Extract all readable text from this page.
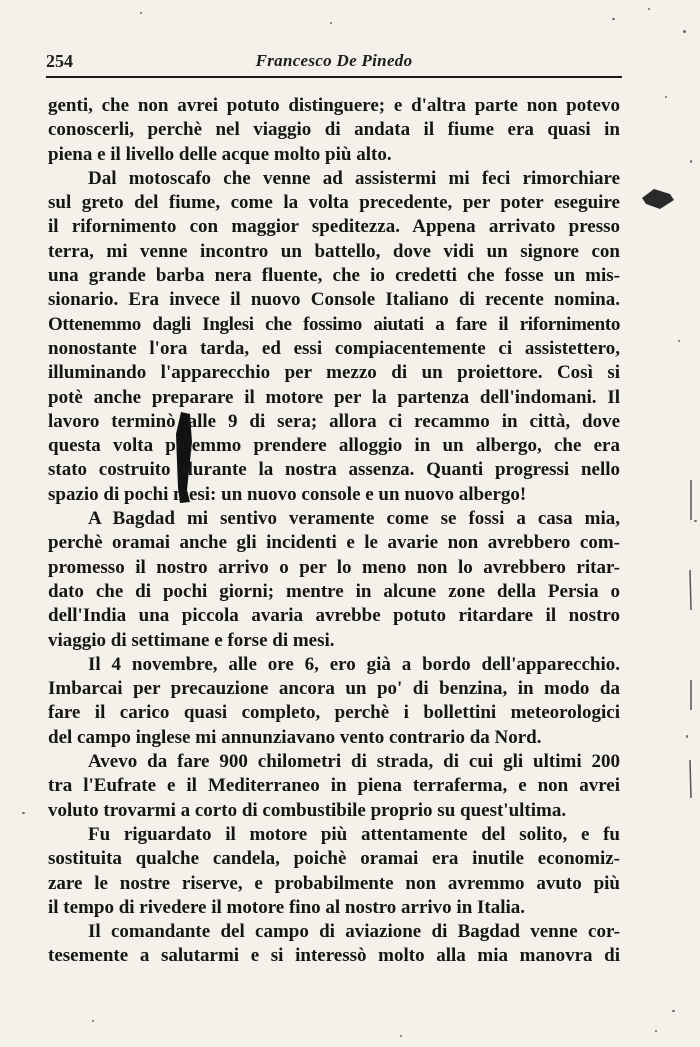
254	Francesco De Pinedo
genti, che non avrei potuto distinguere; e d'altra parte non potevo
conoscerli, perchè nel viaggio di andata il fiume era quasi in
piena e il livello delle acque molto più alto.
Dal motoscafo che venne ad assistermi mi feci rimorchiare
sul greto del fiume, come la volta precedente, per poter eseguire
il rifornimento con maggior speditezza. Appena arrivato presso
terra, mi venne incontro un battello, dove vidi un signore con
una grande barba nera fluente, che io credetti che fosse un mis-
sionario. Era invece il nuovo Console Italiano di recente nomina.
Ottenemmo dagli Inglesi che fossimo aiutati a fare il rifornimento
nonostante l'ora tarda, ed essi compiacentemente ci assistettero,
illuminando l'apparecchio per mezzo di un proiettore. Così si
potè anche preparare il motore per la partenza dell'indomani. Il
lavoro terminò alle 9 di sera; allora ci recammo in città, dove
questa volta potemmo prendere alloggio in un albergo, che era
stato costruito durante la nostra assenza. Quanti progressi nello
spazio di pochi mesi: un nuovo console e un nuovo albergo!
A Bagdad mi sentivo veramente come se fossi a casa mia,
perchè oramai anche gli incidenti e le avarie non avrebbero com-
promesso il nostro arrivo o per lo meno non lo avrebbero ritar-
dato che di pochi giorni; mentre in alcune zone della Persia o
dell'India una piccola avaria avrebbe potuto ritardare il nostro
viaggio di settimane e forse di mesi.
Il 4 novembre, alle ore 6, ero già a bordo dell'apparecchio.
Imbarcai per precauzione ancora un po' di benzina, in modo da
fare il carico quasi completo, perchè i bollettini meteorologici
del campo inglese mi annunziavano vento contrario da Nord.
Avevo da fare 900 chilometri di strada, di cui gli ultimi 200
tra l'Eufrate e il Mediterraneo in piena terraferma, e non avrei
voluto trovarmi a corto di combustibile proprio su quest'ultima.
Fu riguardato il motore più attentamente del solito, e fu
sostituita qualche candela, poichè oramai era inutile economiz-
zare le nostre riserve, e probabilmente non avremmo avuto più
il tempo di rivedere il motore fino al nostro arrivo in Italia.
Il comandante del campo di aviazione di Bagdad venne cor-
tesemente a salutarmi e si interessò molto alla mia manovra di
